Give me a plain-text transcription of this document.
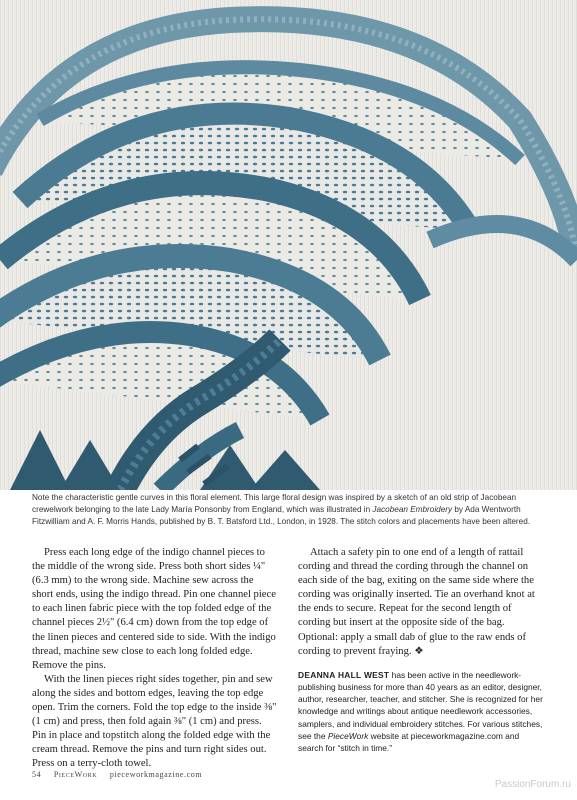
Note the characteristic gentle curves in this floral element. This large floral design was inspired by a sketch of an old strip of Jacobean crewelwork belonging to the late Lady María Ponsonby from England, which was illustrated in Jacobean Embroidery by Ada Wentworth Fitzwilliam and A. F. Morris Hands, published by B. T. Batsford Ltd., London, in 1928. The stitch colors and placements have been altered.

Press each long edge of the indigo channel pieces to the middle of the wrong side. Press both short sides ¼" (6.3 mm) to the wrong side. Machine sew across the short ends, using the indigo thread. Pin one channel piece to each linen fabric piece with the top folded edge of the channel pieces 2½" (6.4 cm) down from the top edge of the linen pieces and centered side to side. With the indigo thread, machine sew close to each long folded edge. Remove the pins.

With the linen pieces right sides together, pin and sew along the sides and bottom edges, leaving the top edge open. Trim the corners. Fold the top edge to the inside ⅜" (1 cm) and press, then fold again ⅜" (1 cm) and press. Pin in place and topstitch along the folded edge with the cream thread. Remove the pins and turn right sides out. Press on a terry-cloth towel.

Attach a safety pin to one end of a length of rattail cording and thread the cording through the channel on each side of the bag, exiting on the same side where the cording was originally inserted. Tie an overhand knot at the ends to secure. Repeat for the second length of cording but insert at the opposite side of the bag. Optional: apply a small dab of glue to the raw ends of cording to prevent fraying. ❖

DEANNA HALL WEST has been active in the needlework-publishing business for more than 40 years as an editor, designer, author, researcher, teacher, and stitcher. She is recognized for her knowledge and writings about antique needlework accessories, samplers, and individual embroidery stitches. For various stitches, see the PieceWork website at pieceworkmagazine.com and search for “stitch in time.”

54 PieceWork pieceworkmagazine.com
PassionForum.ru
